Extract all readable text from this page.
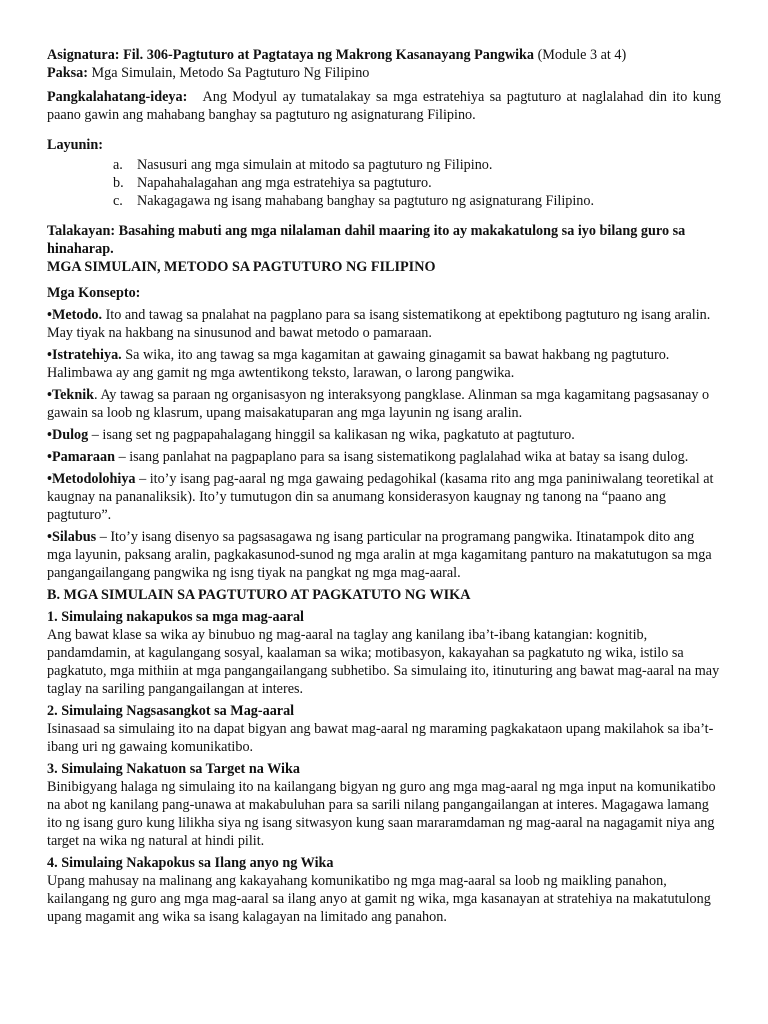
Asignatura: Fil. 306-Pagtuturo at Pagtataya ng Makrong Kasanayang Pangwika (Module 3 at 4)

Paksa: Mga Simulain, Metodo Sa Pagtuturo Ng Filipino

Pangkalahatang-ideya: Ang Modyul ay tumatalakay sa mga estratehiya sa pagtuturo at naglalahad din ito kung paano gawin ang mahabang banghay sa pagtuturo ng asignaturang Filipino.

Layunin:

a. Nasusuri ang mga simulain at mitodo sa pagtuturo ng Filipino.
b. Napahahalagahan ang mga estratehiya sa pagtuturo.
c. Nakagagawa ng isang mahabang banghay sa pagtuturo ng asignaturang Filipino.

Talakayan: Basahing mabuti ang mga nilalaman dahil maaring ito ay makakatulong sa iyo bilang guro sa hinaharap.

MGA SIMULAIN, METODO SA PAGTUTURO NG FILIPINO

Mga Konsepto:

•Metodo. Ito and tawag sa pnalahat na pagplano para sa isang sistematikong at epektibong pagtuturo ng isang aralin. May tiyak na hakbang na sinusunod and bawat metodo o pamaraan.

•Istratehiya. Sa wika, ito ang tawag sa mga kagamitan at gawaing ginagamit sa bawat hakbang ng pagtuturo. Halimbawa ay ang gamit ng mga awtentikong teksto, larawan, o larong pangwika.

•Teknik. Ay tawag sa paraan ng organisasyon ng interaksyong pangklase. Alinman sa mga kagamitang pagsasanay o gawain sa loob ng klasrum, upang maisakatuparan ang mga layunin ng isang aralin.

•Dulog – isang set ng pagpapahalagang hinggil sa kalikasan ng wika, pagkatuto at pagtuturo.

•Pamaraan – isang panlahat na pagpaplano para sa isang sistematikong paglalahad wika at batay sa isang dulog.

•Metodolohiya – ito’y isang pag-aaral ng mga gawaing pedagohikal (kasama rito ang mga paniniwalang teoretikal at kaugnay na pananaliksik). Ito’y tumutugon din sa anumang konsiderasyon kaugnay ng tanong na “paano ang pagtuturo”.

•Silabus – Ito’y isang disenyo sa pagsasagawa ng isang particular na programang pangwika. Itinatampok dito ang mga layunin, paksang aralin, pagkakasunod-sunod ng mga aralin at mga kagamitang panturo na makatutugon sa mga pangangailangang pangwika ng isng tiyak na pangkat ng mga mag-aaral.

B. MGA SIMULAIN SA PAGTUTURO AT PAGKATUTO NG WIKA

1. Simulaing nakapukos sa mga mag-aaral

Ang bawat klase sa wika ay binubuo ng mag-aaral na taglay ang kanilang iba’t-ibang katangian: kognitib, pandamdamin, at kagulangang sosyal, kaalaman sa wika; motibasyon, kakayahan sa pagkatuto ng wika, istilo sa pagkatuto, mga mithiin at mga pangangailangang subhetibo. Sa simulaing ito, itinuturing ang bawat mag-aaral na may taglay na sariling pangangailangan at interes.

2. Simulaing Nagsasangkot sa Mag-aaral

Isinasaad sa simulaing ito na dapat bigyan ang bawat mag-aaral ng maraming pagkakataon upang makilahok sa iba’t-ibang uri ng gawaing komunikatibo.

3. Simulaing Nakatuon sa Target na Wika

Binibigyang halaga ng simulaing ito na kailangang bigyan ng guro ang mga mag-aaral ng mga input na komunikatibo na abot ng kanilang pang-unawa at makabuluhan para sa sarili nilang pangangailangan at interes. Magagawa lamang ito ng isang guro kung lilikha siya ng isang sitwasyon kung saan mararamdaman ng mag-aaral na nagagamit niya ang target na wika ng natural at hindi pilit.

4. Simulaing Nakapokus sa Ilang anyo ng Wika

Upang mahusay na malinang ang kakayahang komunikatibo ng mga mag-aaral sa loob ng maikling panahon, kailangang ng guro ang mga mag-aaral sa ilang anyo at gamit ng wika, mga kasanayan at stratehiya na makatutulong upang magamit ang wika sa isang kalagayan na limitado ang panahon.
